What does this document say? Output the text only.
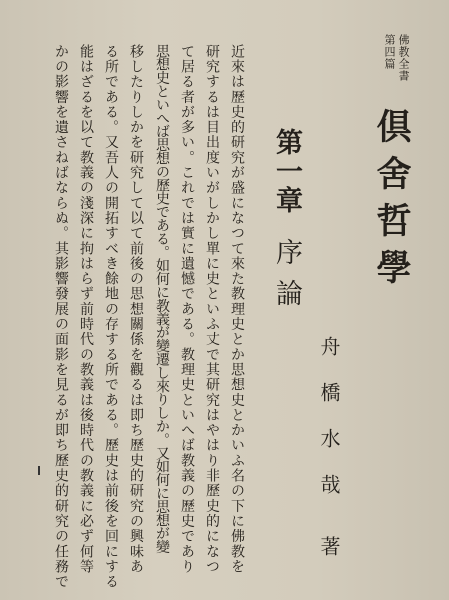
佛教全書
第四篇
倶舍哲學
舟橋水哉
著
第一章
序論
近來は歷史的研究が盛になつて來た教理史とか思想史とかいふ名の下に佛教を
研究するは目出度いがしかし單に史といふ丈で其研究はやはり非歷史的になつ
て居る者が多い。これでは實に遺憾である。教理史といへば教義の歷史であり
思想史といへば思想の歷史である。如何に教義が變遷し來りしか。又如何に思想が變
移したりしかを研究して以て前後の思想關係を觀るは即ち歷史的研究の興味あ
る所である。又吾人の開拓すべき餘地の存する所である。歷史は前後を回にする
能はざるを以て教義の淺深に拘はらず前時代の教義は後時代の教義に必ず何等
かの影響を遺さねばならぬ。其影響發展の面影を見るが即ち歷史的研究の任務で
